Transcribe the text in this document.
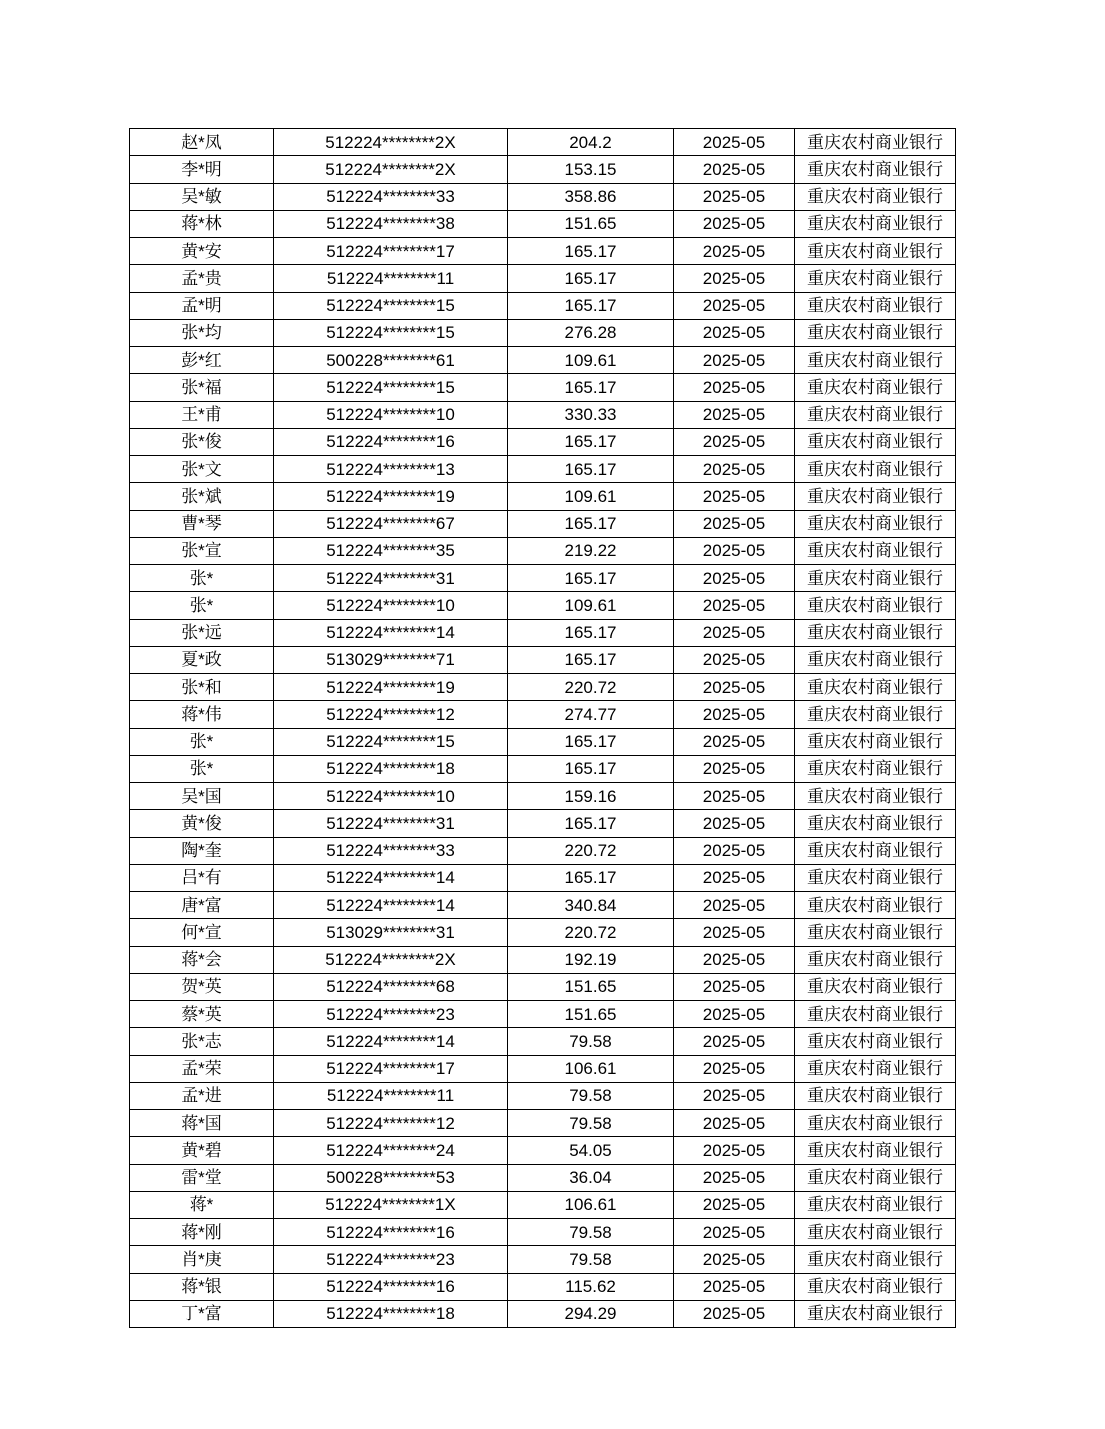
赵*凤	512224********2X	204.2	2025-05	重庆农村商业银行
李*明	512224********2X	153.15	2025-05	重庆农村商业银行
吴*敏	512224********33	358.86	2025-05	重庆农村商业银行
蒋*林	512224********38	151.65	2025-05	重庆农村商业银行
黄*安	512224********17	165.17	2025-05	重庆农村商业银行
孟*贵	512224********11	165.17	2025-05	重庆农村商业银行
孟*明	512224********15	165.17	2025-05	重庆农村商业银行
张*均	512224********15	276.28	2025-05	重庆农村商业银行
彭*红	500228********61	109.61	2025-05	重庆农村商业银行
张*福	512224********15	165.17	2025-05	重庆农村商业银行
王*甫	512224********10	330.33	2025-05	重庆农村商业银行
张*俊	512224********16	165.17	2025-05	重庆农村商业银行
张*文	512224********13	165.17	2025-05	重庆农村商业银行
张*斌	512224********19	109.61	2025-05	重庆农村商业银行
曹*琴	512224********67	165.17	2025-05	重庆农村商业银行
张*宣	512224********35	219.22	2025-05	重庆农村商业银行
张*	512224********31	165.17	2025-05	重庆农村商业银行
张*	512224********10	109.61	2025-05	重庆农村商业银行
张*远	512224********14	165.17	2025-05	重庆农村商业银行
夏*政	513029********71	165.17	2025-05	重庆农村商业银行
张*和	512224********19	220.72	2025-05	重庆农村商业银行
蒋*伟	512224********12	274.77	2025-05	重庆农村商业银行
张*	512224********15	165.17	2025-05	重庆农村商业银行
张*	512224********18	165.17	2025-05	重庆农村商业银行
吴*国	512224********10	159.16	2025-05	重庆农村商业银行
黄*俊	512224********31	165.17	2025-05	重庆农村商业银行
陶*奎	512224********33	220.72	2025-05	重庆农村商业银行
吕*有	512224********14	165.17	2025-05	重庆农村商业银行
唐*富	512224********14	340.84	2025-05	重庆农村商业银行
何*宣	513029********31	220.72	2025-05	重庆农村商业银行
蒋*会	512224********2X	192.19	2025-05	重庆农村商业银行
贺*英	512224********68	151.65	2025-05	重庆农村商业银行
蔡*英	512224********23	151.65	2025-05	重庆农村商业银行
张*志	512224********14	79.58	2025-05	重庆农村商业银行
孟*荣	512224********17	106.61	2025-05	重庆农村商业银行
孟*进	512224********11	79.58	2025-05	重庆农村商业银行
蒋*国	512224********12	79.58	2025-05	重庆农村商业银行
黄*碧	512224********24	54.05	2025-05	重庆农村商业银行
雷*堂	500228********53	36.04	2025-05	重庆农村商业银行
蒋*	512224********1X	106.61	2025-05	重庆农村商业银行
蒋*刚	512224********16	79.58	2025-05	重庆农村商业银行
肖*庚	512224********23	79.58	2025-05	重庆农村商业银行
蒋*银	512224********16	115.62	2025-05	重庆农村商业银行
丁*富	512224********18	294.29	2025-05	重庆农村商业银行
